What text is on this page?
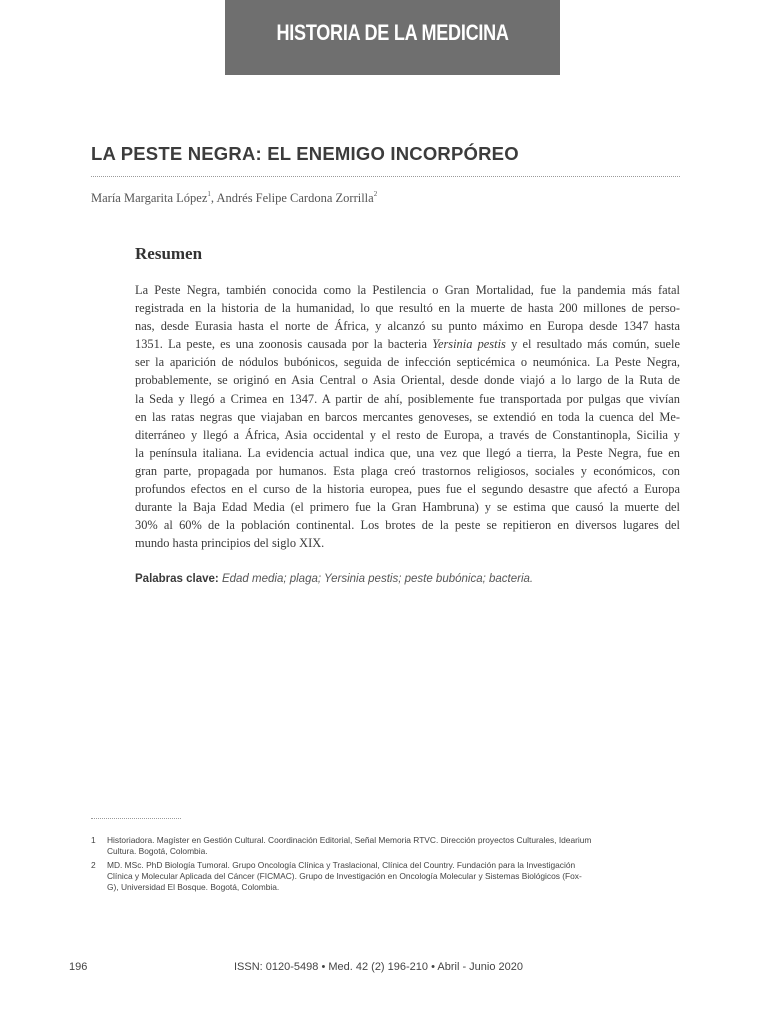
HISTORIA DE LA MEDICINA
LA PESTE NEGRA: EL ENEMIGO INCORPÓREO
María Margarita López$^1$, Andrés Felipe Cardona Zorrilla$^2$
Resumen
La Peste Negra, también conocida como la Pestilencia o Gran Mortalidad, fue la pandemia más fatal
registrada en la historia de la humanidad, lo que resultó en la muerte de hasta 200 millones de perso-
nas, desde Eurasia hasta el norte de África, y alcanzó su punto máximo en Europa desde 1347 hasta
1351. La peste, es una zoonosis causada por la bacteria Yersinia pestis y el resultado más común, suele
ser la aparición de nódulos bubónicos, seguida de infección septicémica o neumónica. La Peste Negra,
probablemente, se originó en Asia Central o Asia Oriental, desde donde viajó a lo largo de la Ruta de
la Seda y llegó a Crimea en 1347. A partir de ahí, posiblemente fue transportada por pulgas que vivían
en las ratas negras que viajaban en barcos mercantes genoveses, se extendió en toda la cuenca del Me-
diterráneo y llegó a África, Asia occidental y el resto de Europa, a través de Constantinopla, Sicilia y
la península italiana. La evidencia actual indica que, una vez que llegó a tierra, la Peste Negra, fue en
gran parte, propagada por humanos. Esta plaga creó trastornos religiosos, sociales y económicos, con
profundos efectos en el curso de la historia europea, pues fue el segundo desastre que afectó a Europa
durante la Baja Edad Media (el primero fue la Gran Hambruna) y se estima que causó la muerte del
30% al 60% de la población continental. Los brotes de la peste se repitieron en diversos lugares del
mundo hasta principios del siglo XIX.
Palabras clave: Edad media; plaga; Yersinia pestis; peste bubónica; bacteria.
1	Historiadora. Magíster en Gestión Cultural. Coordinación Editorial, Señal Memoria RTVC. Dirección proyectos Culturales, Idearium
Cultura. Bogotá, Colombia.
2	MD. MSc. PhD Biología Tumoral. Grupo Oncología Clínica y Traslacional, Clínica del Country. Fundación para la Investigación
Clínica y Molecular Aplicada del Cáncer (FICMAC). Grupo de Investigación en Oncología Molecular y Sistemas Biológicos (Fox-
G), Universidad El Bosque. Bogotá, Colombia.
196	ISSN: 0120-5498 • Med. 42 (2) 196-210 • Abril - Junio 2020
